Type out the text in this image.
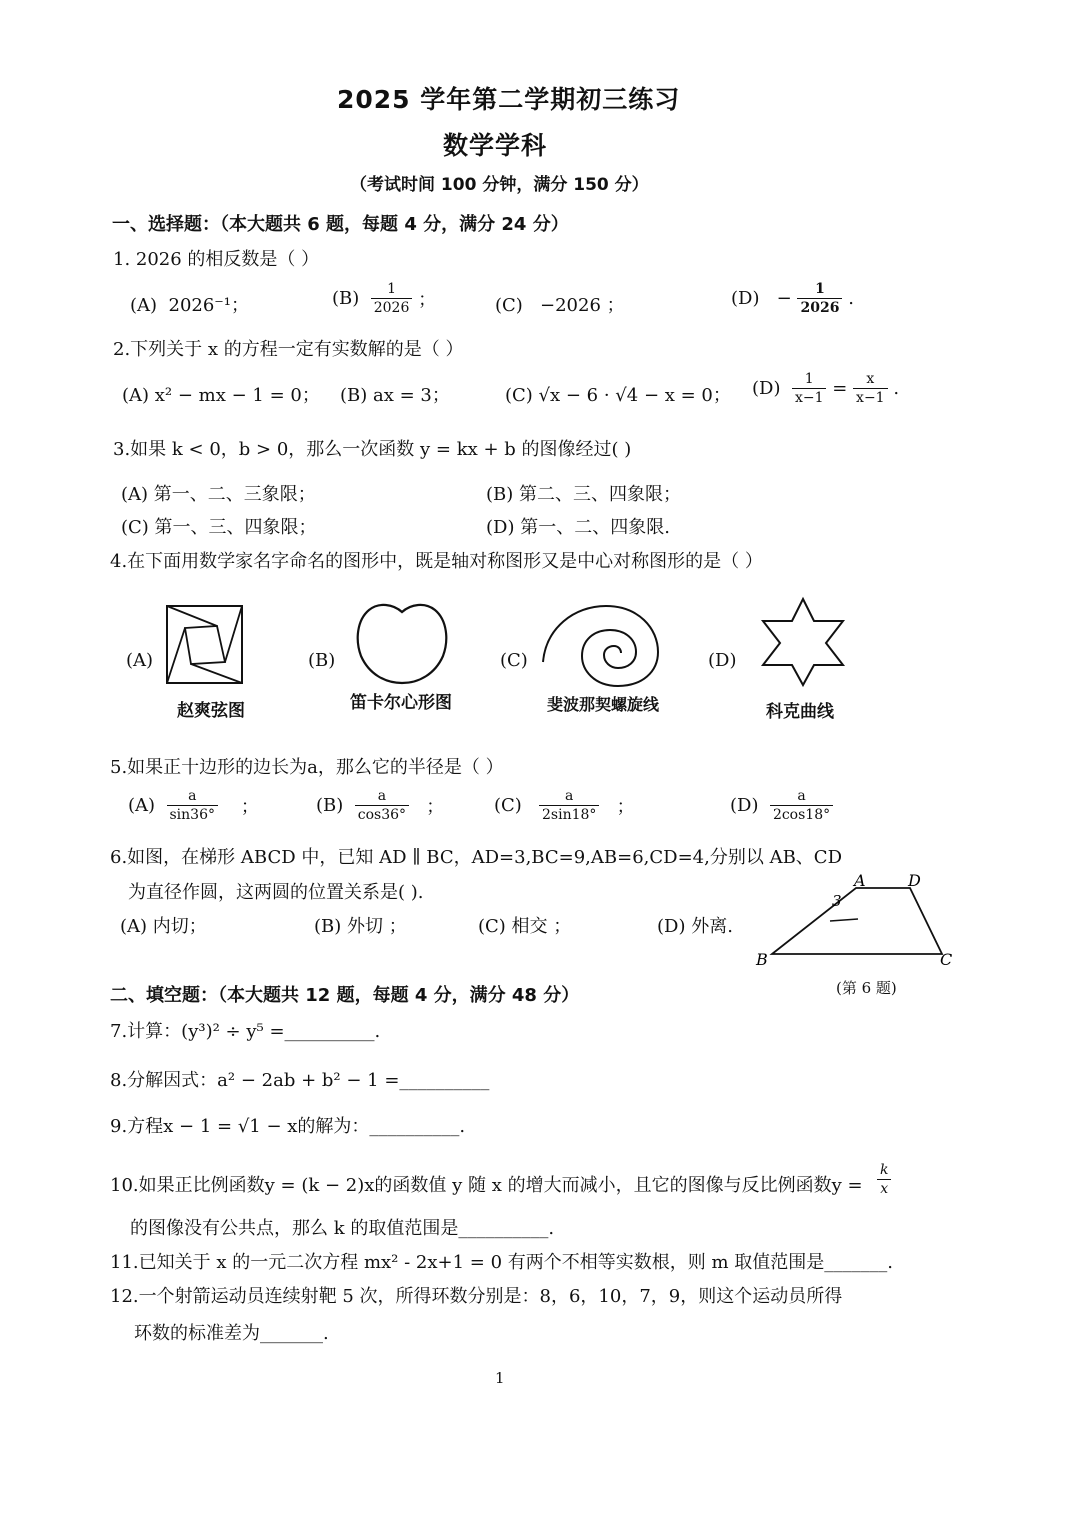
2025 学年第二学期初三练习
数学学科
（考试时间 100 分钟，满分 150 分）
一、选择题：（本大题共 6 题，每题 4 分，满分 24 分）
1. 2026 的相反数是（ ）
(A) 2026⁻¹；	$(B) \frac{1}{2026}$ ；	(C) −2026 ；	$(D) - \frac{1}{2026}$ .
2.下列关于 x 的方程一定有实数解的是（ ）
(A) x² − mx − 1 = 0； (B) ax = 3；	(C) √x − 6 · √4 − x = 0； $(D) \frac{1}{x-1} = \frac{x}{x-1}$ .
3.如果 k < 0，b > 0，那么一次函数 y = kx + b 的图像经过( )
(A) 第一、二、三象限；	(B) 第二、三、四象限；
(C) 第一、三、四象限；	(D) 第一、二、四象限.
4.在下面用数学家名字命名的图形中，既是轴对称图形又是中心对称图形的是（ ）
(A)
赵爽弦图
(B)
笛卡尔心形图
(C)
斐波那契螺旋线
(D)
科克曲线
5.如果正十边形的边长为a，那么它的半径是（ ）
$(A) \frac{a}{\sin 36^\circ}$ ；	$(B) \frac{a}{\cos 36^\circ}$ ；	$(C) \frac{a}{2\sin 18^\circ}$ ；	$(D) \frac{a}{2\cos 18^\circ}$
6.如图，在梯形 ABCD 中，已知 AD ∥ BC，AD=3,BC=9,AB=6,CD=4,分别以 AB、CD
为直径作圆，这两圆的位置关系是( ).
(A) 内切；	(B) 外切 ；	(C) 相交 ；	(D) 外离.
A	D
B	C
3
(第 6 题)
二、填空题：（本大题共 12 题，每题 4 分，满分 48 分）
7.计算：(y³)² ÷ y⁵ =__________.
8.分解因式：a² − 2ab + b² − 1 =__________
9.方程x − 1 = √1 − x的解为：__________.
10.如果正比例函数y = (k − 2)x的函数值 y 随 x 的增大而减小，且它的图像与反比例函数$y = \frac{k}{x}$
的图像没有公共点，那么 k 的取值范围是__________.
11.已知关于 x 的一元二次方程 mx² - 2x+1 = 0 有两个不相等实数根，则 m 取值范围是_______.
12.一个射箭运动员连续射靶 5 次，所得环数分别是：8，6，10，7，9，则这个运动员所得
环数的标准差为_______.
1
